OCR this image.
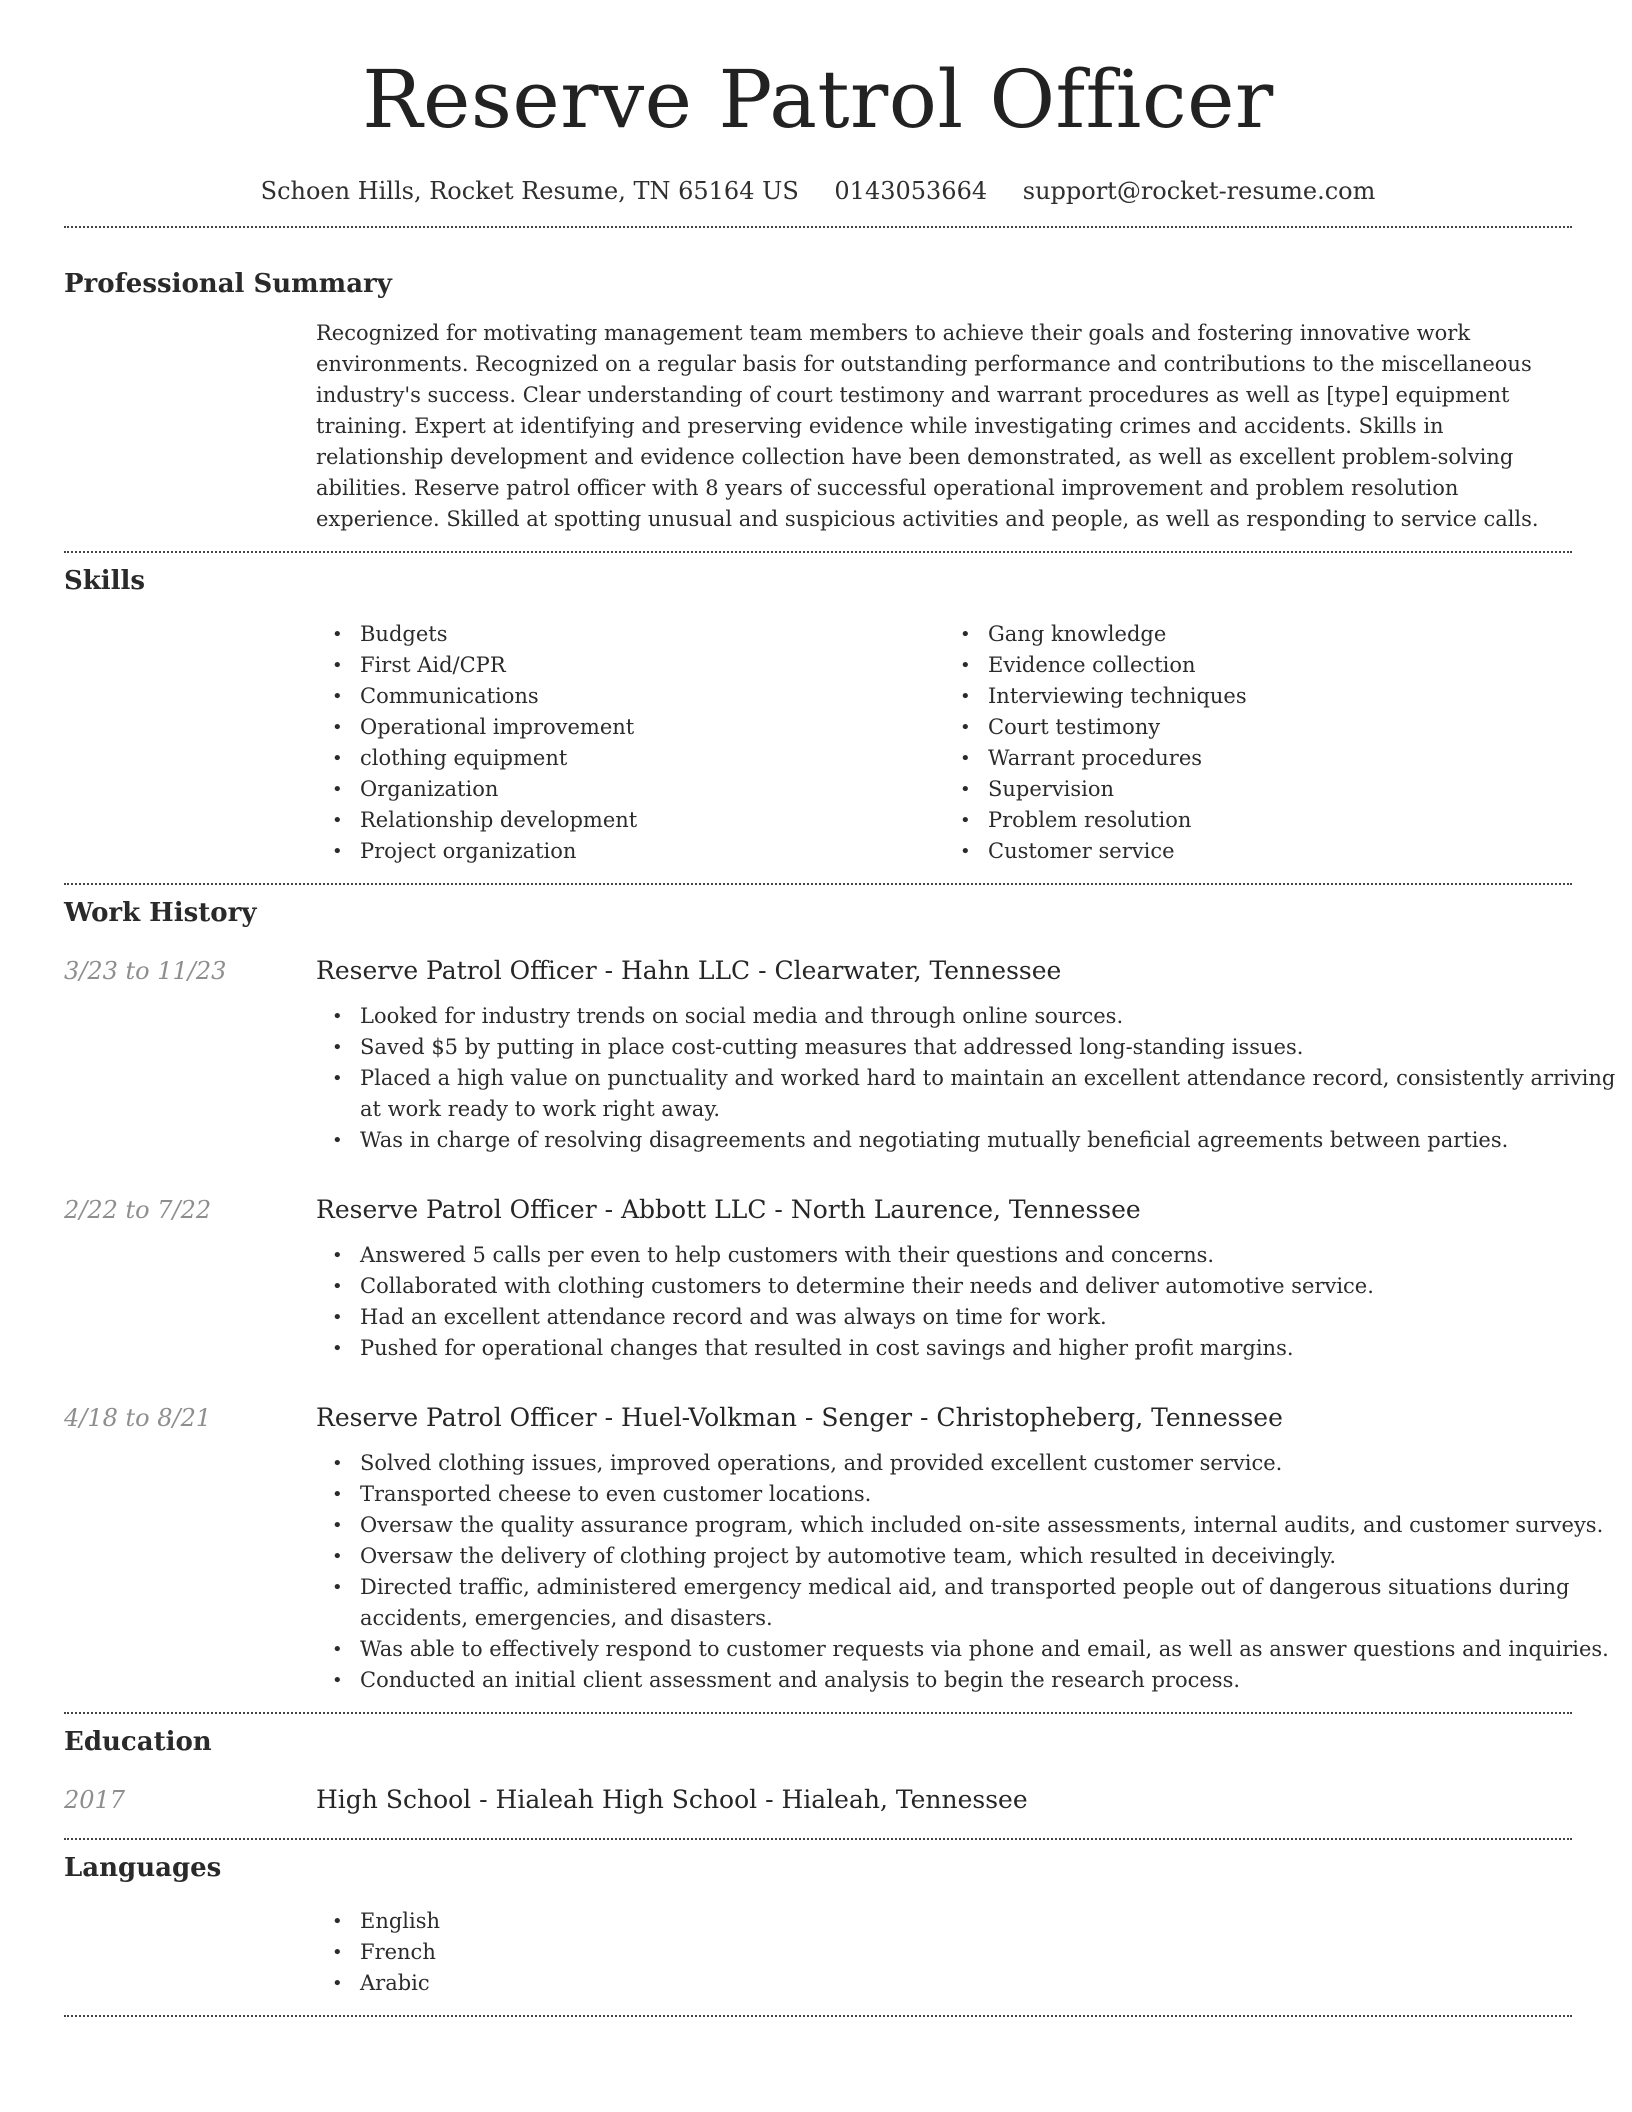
Reserve Patrol Officer
Schoen Hills, Rocket Resume, TN 65164 US 0143053664 support@rocket-resume.com
Professional Summary

Recognized for motivating management team members to achieve their goals and fostering innovative work environments. Recognized on a regular basis for outstanding performance and contributions to the miscellaneous industry's success. Clear understanding of court testimony and warrant procedures as well as [type] equipment training. Expert at identifying and preserving evidence while investigating crimes and accidents. Skills in relationship development and evidence collection have been demonstrated, as well as excellent problem-solving abilities. Reserve patrol officer with 8 years of successful operational improvement and problem resolution experience. Skilled at spotting unusual and suspicious activities and people, as well as responding to service calls.

Skills
• Budgets
• First Aid/CPR
• Communications
• Operational improvement
• clothing equipment
• Organization
• Relationship development
• Project organization
• Gang knowledge
• Evidence collection
• Interviewing techniques
• Court testimony
• Warrant procedures
• Supervision
• Problem resolution
• Customer service
Work History
3/23 to 11/23	Reserve Patrol Officer - Hahn LLC - Clearwater, Tennessee
• Looked for industry trends on social media and through online sources.
• Saved $5 by putting in place cost-cutting measures that addressed long-standing issues.
• Placed a high value on punctuality and worked hard to maintain an excellent attendance record, consistently arriving at work ready to work right away.
• Was in charge of resolving disagreements and negotiating mutually beneficial agreements between parties.
2/22 to 7/22	Reserve Patrol Officer - Abbott LLC - North Laurence, Tennessee
• Answered 5 calls per even to help customers with their questions and concerns.
• Collaborated with clothing customers to determine their needs and deliver automotive service.
• Had an excellent attendance record and was always on time for work.
• Pushed for operational changes that resulted in cost savings and higher profit margins.
4/18 to 8/21	Reserve Patrol Officer - Huel-Volkman - Senger - Christopheberg, Tennessee
• Solved clothing issues, improved operations, and provided excellent customer service.
• Transported cheese to even customer locations.
• Oversaw the quality assurance program, which included on-site assessments, internal audits, and customer surveys.
• Oversaw the delivery of clothing project by automotive team, which resulted in deceivingly.
• Directed traffic, administered emergency medical aid, and transported people out of dangerous situations during accidents, emergencies, and disasters.
• Was able to effectively respond to customer requests via phone and email, as well as answer questions and inquiries.
• Conducted an initial client assessment and analysis to begin the research process.
Education
2017	High School - Hialeah High School - Hialeah, Tennessee
Languages
• English
• French
• Arabic
